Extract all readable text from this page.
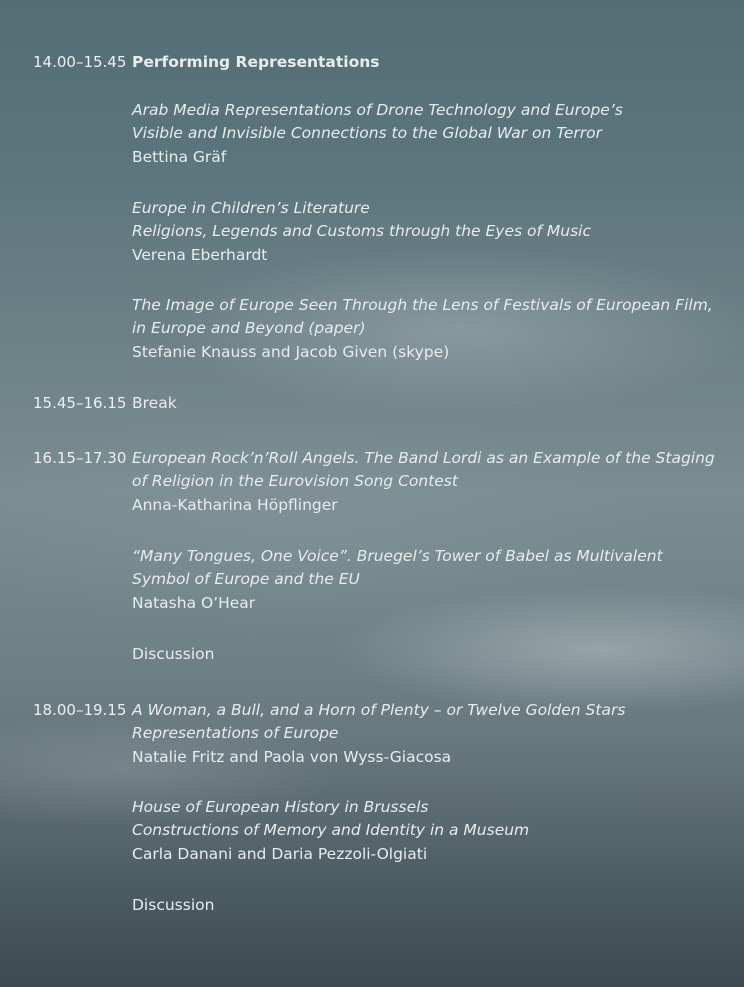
14.00–15.45 Performing Representations
Arab Media Representations of Drone Technology and Europe’s
Visible and Invisible Connections to the Global War on Terror
Bettina Gräf
Europe in Children’s Literature
Religions, Legends and Customs through the Eyes of Music
Verena Eberhardt
The Image of Europe Seen Through the Lens of Festivals of European Film,
in Europe and Beyond (paper)
Stefanie Knauss and Jacob Given (skype)
15.45–16.15 Break
16.15–17.30 European Rock’n’Roll Angels. The Band Lordi as an Example of the Staging
of Religion in the Eurovision Song Contest
Anna-Katharina Höpflinger
“Many Tongues, One Voice”. Bruegel’s Tower of Babel as Multivalent
Symbol of Europe and the EU
Natasha O’Hear
Discussion
18.00–19.15 A Woman, a Bull, and a Horn of Plenty – or Twelve Golden Stars
Representations of Europe
Natalie Fritz and Paola von Wyss-Giacosa
House of European History in Brussels
Constructions of Memory and Identity in a Museum
Carla Danani and Daria Pezzoli-Olgiati
Discussion
